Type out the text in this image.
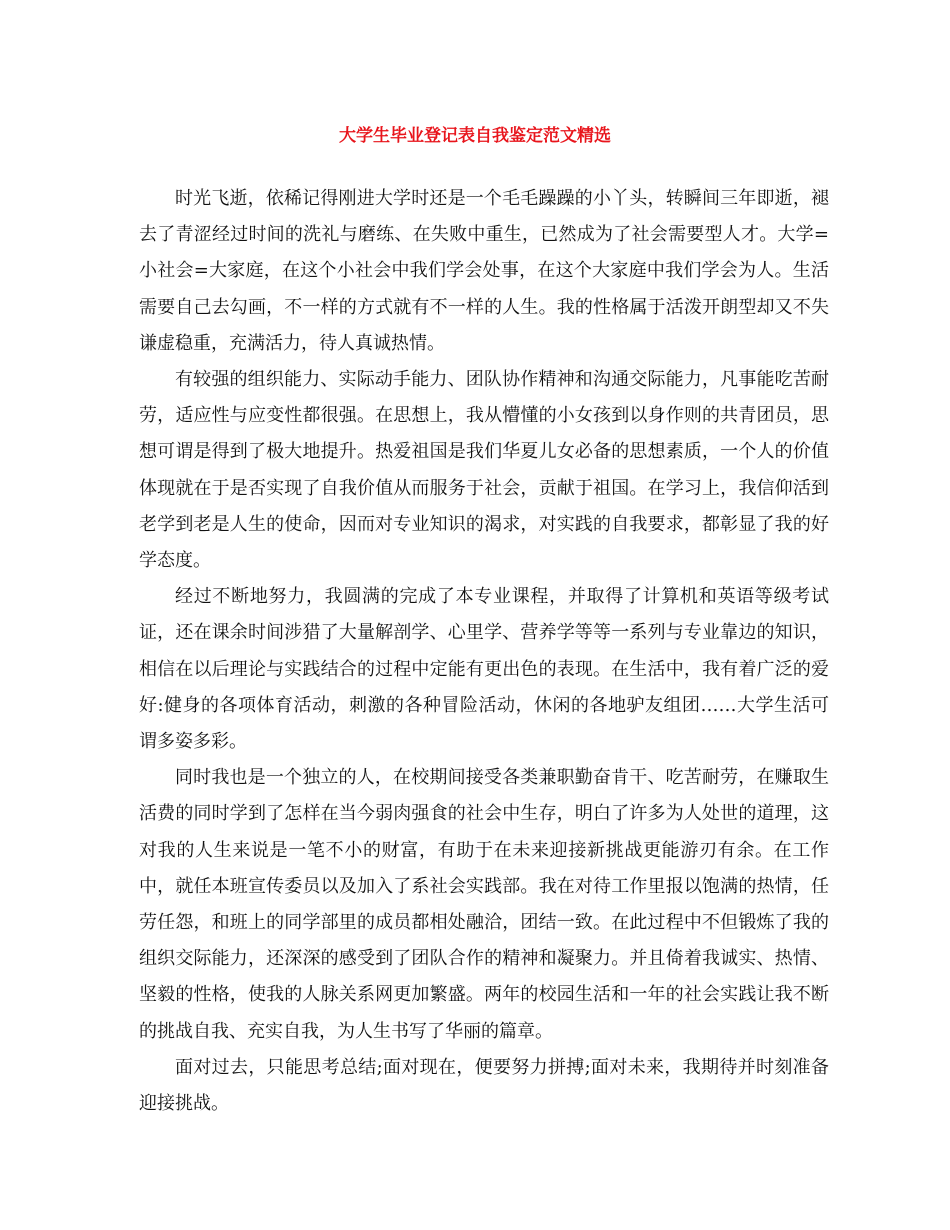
大学生毕业登记表自我鉴定范文精选

时光飞逝，依稀记得刚进大学时还是一个毛毛躁躁的小丫头，转瞬间三年即逝，褪去了青涩经过时间的洗礼与磨练、在失败中重生，已然成为了社会需要型人才。大学=小社会=大家庭，在这个小社会中我们学会处事，在这个大家庭中我们学会为人。生活需要自己去勾画，不一样的方式就有不一样的人生。我的性格属于活泼开朗型却又不失谦虚稳重，充满活力，待人真诚热情。

有较强的组织能力、实际动手能力、团队协作精神和沟通交际能力，凡事能吃苦耐劳，适应性与应变性都很强。在思想上，我从懵懂的小女孩到以身作则的共青团员，思想可谓是得到了极大地提升。热爱祖国是我们华夏儿女必备的思想素质，一个人的价值体现就在于是否实现了自我价值从而服务于社会，贡献于祖国。在学习上，我信仰活到老学到老是人生的使命，因而对专业知识的渴求，对实践的自我要求，都彰显了我的好学态度。

经过不断地努力，我圆满的完成了本专业课程，并取得了计算机和英语等级考试证，还在课余时间涉猎了大量解剖学、心里学、营养学等等一系列与专业靠边的知识，相信在以后理论与实践结合的过程中定能有更出色的表现。在生活中，我有着广泛的爱好:健身的各项体育活动，刺激的各种冒险活动，休闲的各地驴友组团……大学生活可谓多姿多彩。

同时我也是一个独立的人，在校期间接受各类兼职勤奋肯干、吃苦耐劳，在赚取生活费的同时学到了怎样在当今弱肉强食的社会中生存，明白了许多为人处世的道理，这对我的人生来说是一笔不小的财富，有助于在未来迎接新挑战更能游刃有余。在工作中，就任本班宣传委员以及加入了系社会实践部。我在对待工作里报以饱满的热情，任劳任怨，和班上的同学部里的成员都相处融洽，团结一致。在此过程中不但锻炼了我的组织交际能力，还深深的感受到了团队合作的精神和凝聚力。并且倚着我诚实、热情、坚毅的性格，使我的人脉关系网更加繁盛。两年的校园生活和一年的社会实践让我不断的挑战自我、充实自我，为人生书写了华丽的篇章。

面对过去，只能思考总结;面对现在，便要努力拼搏;面对未来，我期待并时刻准备迎接挑战。
